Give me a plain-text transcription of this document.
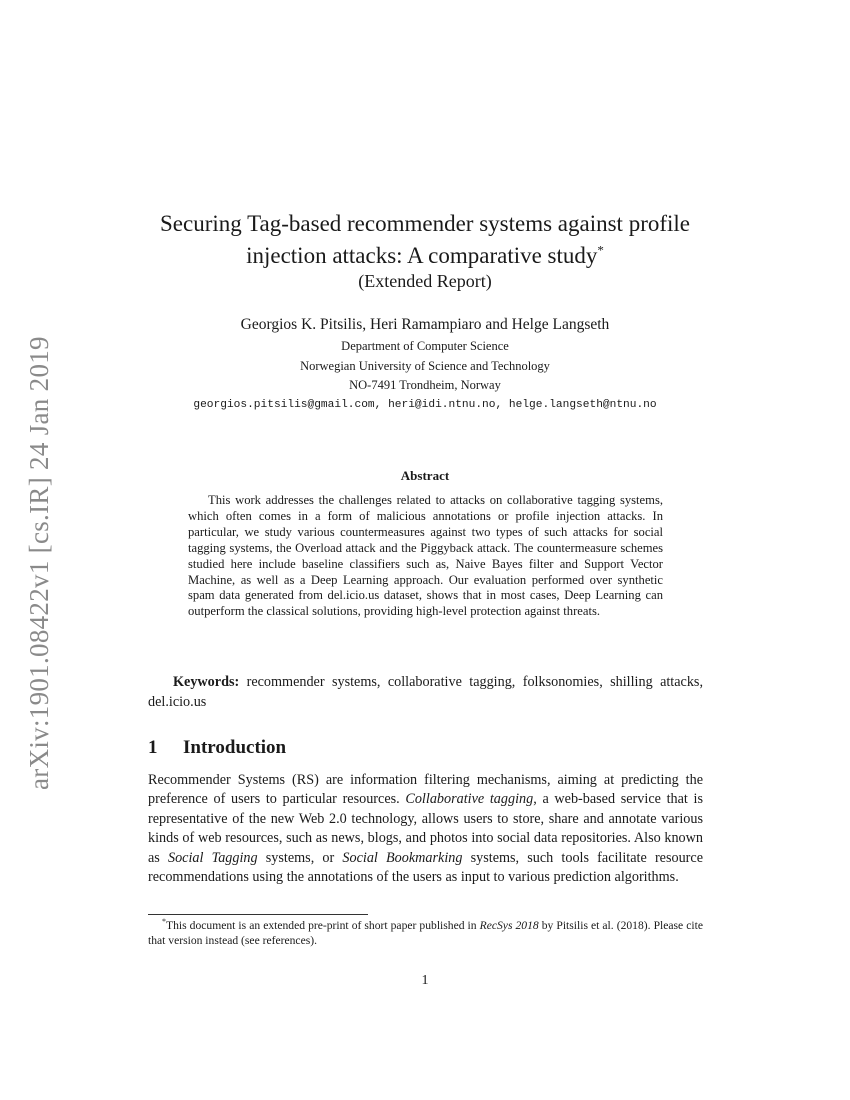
arXiv:1901.08422v1 [cs.IR] 24 Jan 2019
Securing Tag-based recommender systems against profile
injection attacks: A comparative study*
(Extended Report)
Georgios K. Pitsilis, Heri Ramampiaro and Helge Langseth
Department of Computer Science
Norwegian University of Science and Technology
NO-7491 Trondheim, Norway
georgios.pitsilis@gmail.com, heri@idi.ntnu.no, helge.langseth@ntnu.no
Abstract

This work addresses the challenges related to attacks on collaborative tagging systems, which often comes in a form of malicious annotations or profile injection attacks. In particular, we study various countermeasures against two types of such attacks for social tagging systems, the Overload attack and the Piggyback attack. The countermeasure schemes studied here include baseline classifiers such as, Naive Bayes filter and Support Vector Machine, as well as a Deep Learning approach. Our evaluation performed over synthetic spam data generated from del.icio.us dataset, shows that in most cases, Deep Learning can outperform the classical solutions, providing high-level protection against threats.

Keywords: recommender systems, collaborative tagging, folksonomies, shilling attacks, del.icio.us

1 Introduction

Recommender Systems (RS) are information filtering mechanisms, aiming at predicting the preference of users to particular resources. Collaborative tagging, a web-based service that is representative of the new Web 2.0 technology, allows users to store, share and annotate various kinds of web resources, such as news, blogs, and photos into social data repositories. Also known as Social Tagging systems, or Social Bookmarking systems, such tools facilitate resource recommendations using the annotations of the users as input to various prediction algorithms.

*This document is an extended pre-print of short paper published in RecSys 2018 by Pitsilis et al. (2018). Please cite that version instead (see references).

1
